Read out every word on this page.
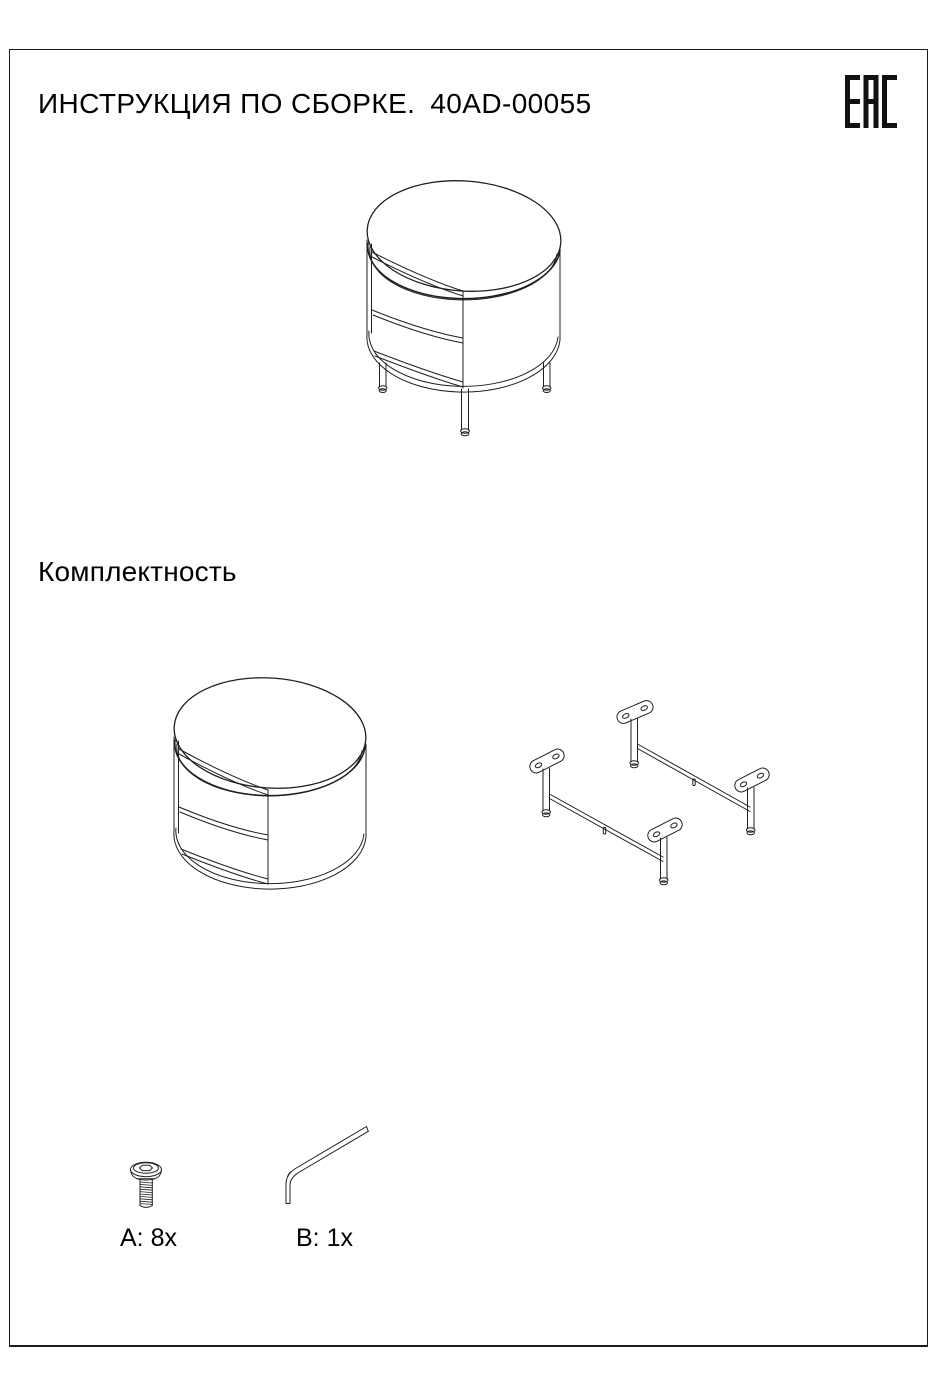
ИНСТРУКЦИЯ ПО СБОРКЕ. 40AD-00055
Комплектность
A: 8x	B: 1x
